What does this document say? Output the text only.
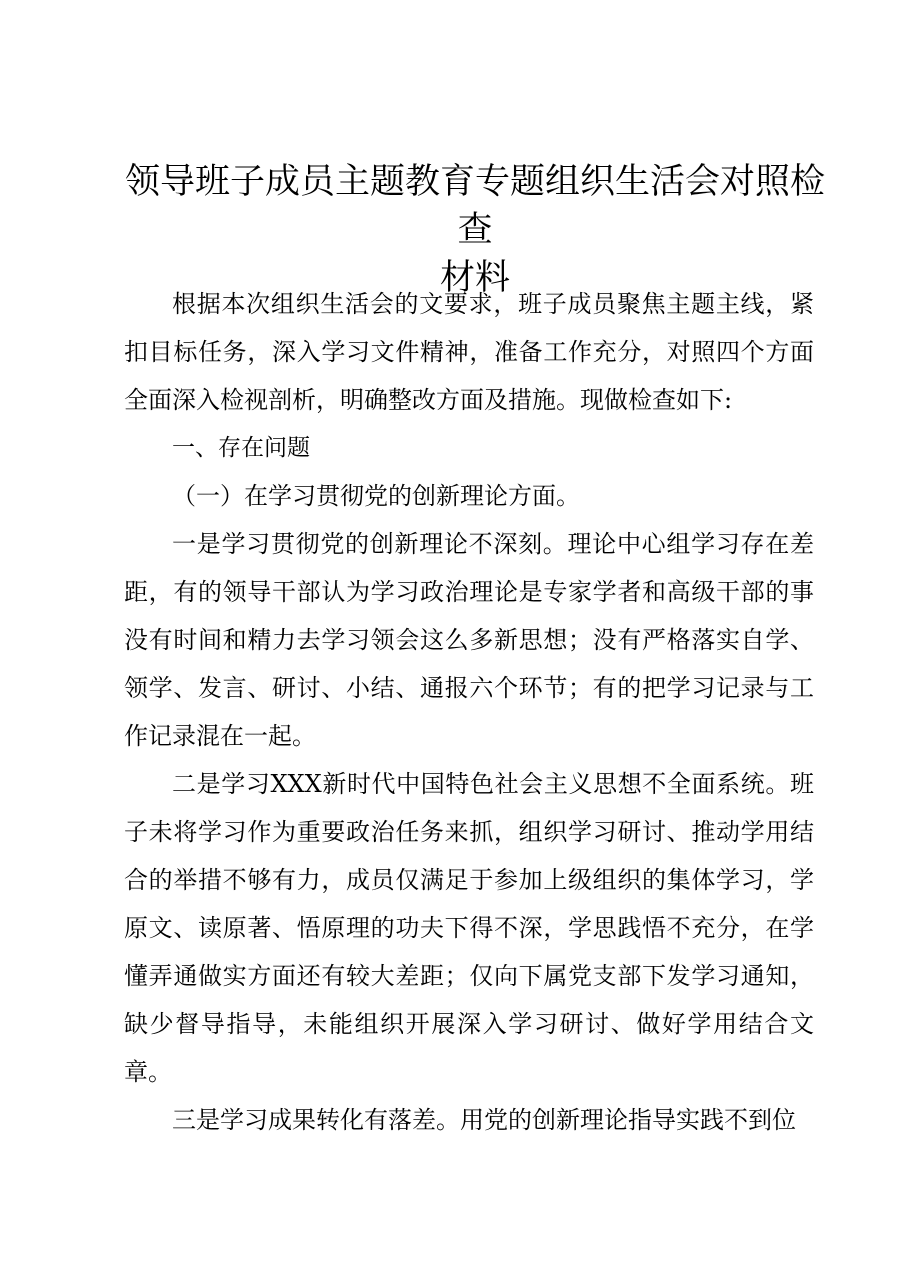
领导班子成员主题教育专题组织生活会对照检查
材料

根据本次组织生活会的文要求，班子成员聚焦主题主线，紧扣目标任务，深入学习文件精神，准备工作充分，对照四个方面全面深入检视剖析，明确整改方面及措施。现做检查如下:

一、存在问题

（一）在学习贯彻党的创新理论方面。

一是学习贯彻党的创新理论不深刻。理论中心组学习存在差距，有的领导干部认为学习政治理论是专家学者和高级干部的事没有时间和精力去学习领会这么多新思想；没有严格落实自学、领学、发言、研讨、小结、通报六个环节；有的把学习记录与工作记录混在一起。

二是学习XXX新时代中国特色社会主义思想不全面系统。班子未将学习作为重要政治任务来抓，组织学习研讨、推动学用结合的举措不够有力，成员仅满足于参加上级组织的集体学习，学原文、读原著、悟原理的功夫下得不深，学思践悟不充分，在学懂弄通做实方面还有较大差距；仅向下属党支部下发学习通知，缺少督导指导，未能组织开展深入学习研讨、做好学用结合文章。

三是学习成果转化有落差。用党的创新理论指导实践不到位
